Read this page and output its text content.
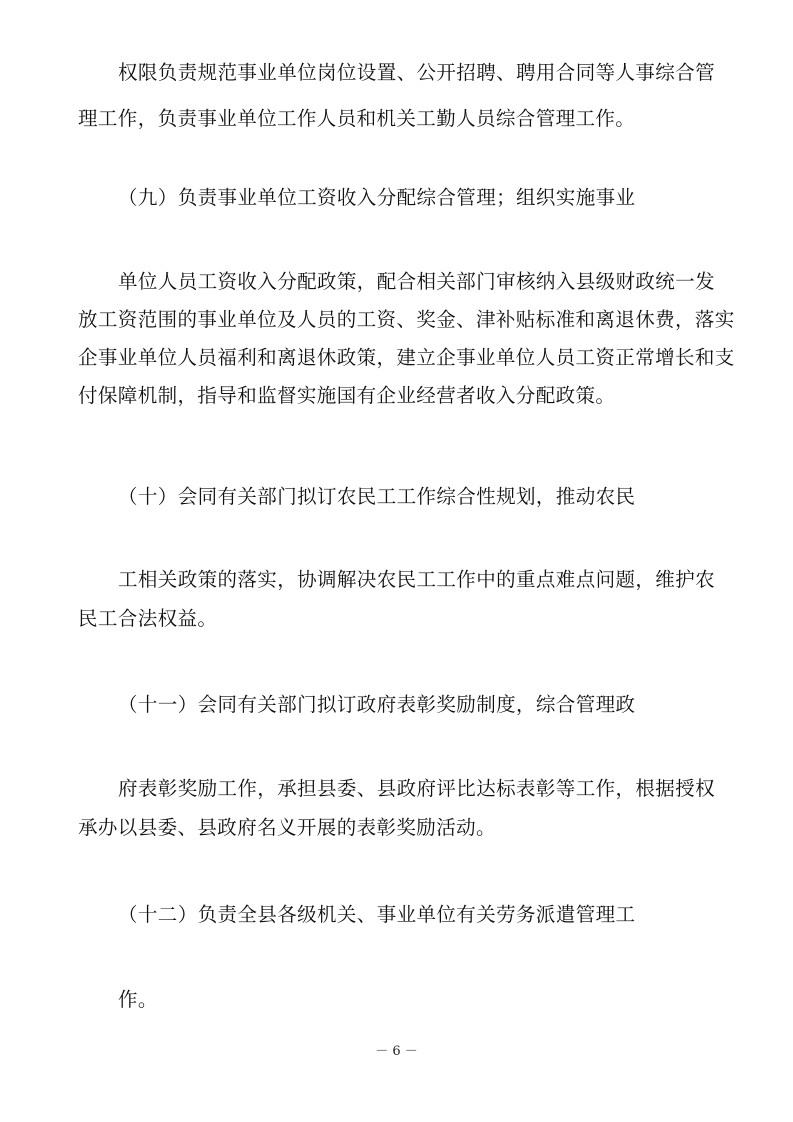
权限负责规范事业单位岗位设置、公开招聘、聘用合同等人事综合管
理工作，负责事业单位工作人员和机关工勤人员综合管理工作。
（九）负责事业单位工资收入分配综合管理；组织实施事业
单位人员工资收入分配政策，配合相关部门审核纳入县级财政统一发
放工资范围的事业单位及人员的工资、奖金、津补贴标准和离退休费，落实
企事业单位人员福利和离退休政策，建立企事业单位人员工资正常增长和支
付保障机制，指导和监督实施国有企业经营者收入分配政策。
（十）会同有关部门拟订农民工工作综合性规划，推动农民
工相关政策的落实，协调解决农民工工作中的重点难点问题，维护农
民工合法权益。
（十一）会同有关部门拟订政府表彰奖励制度，综合管理政
府表彰奖励工作，承担县委、县政府评比达标表彰等工作，根据授权
承办以县委、县政府名义开展的表彰奖励活动。
（十二）负责全县各级机关、事业单位有关劳务派遣管理工
作。
－ 6 －
